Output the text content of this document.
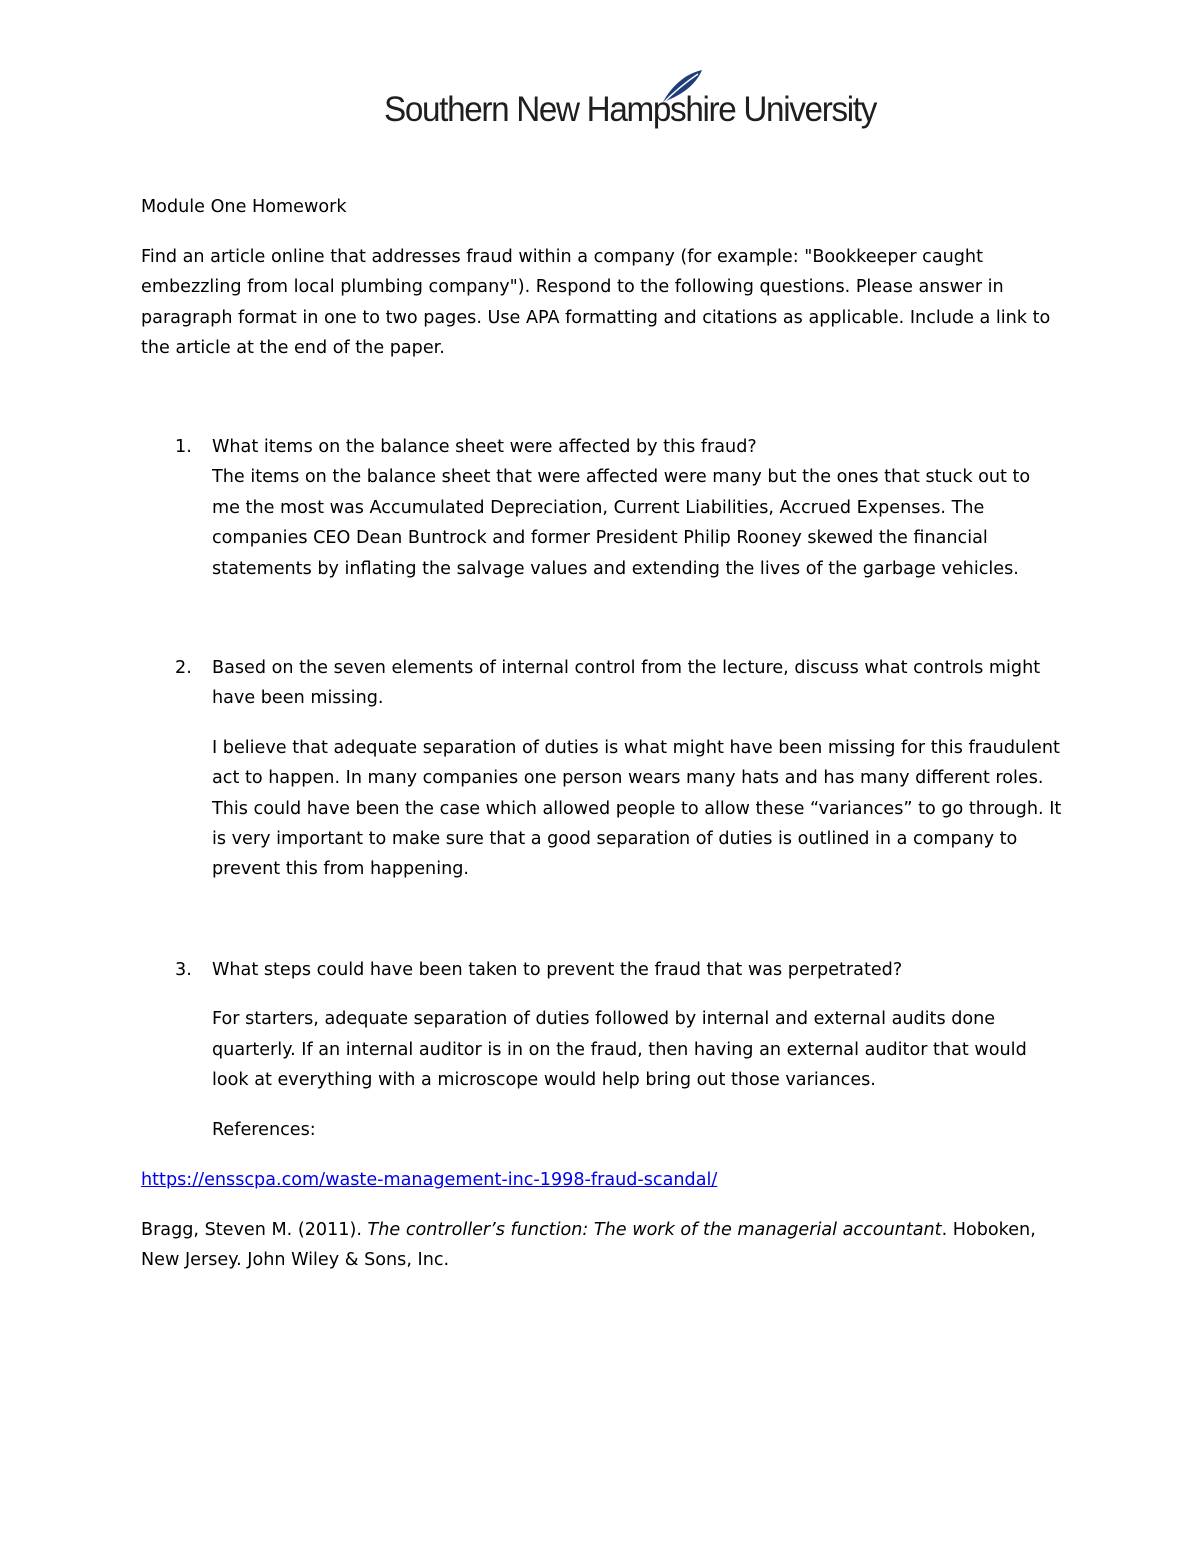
Southern New Hampshire University

Module One Homework

Find an article online that addresses fraud within a company (for example: "Bookkeeper caught embezzling from local plumbing company"). Respond to the following questions. Please answer in paragraph format in one to two pages. Use APA formatting and citations as applicable. Include a link to the article at the end of the paper.

1. What items on the balance sheet were affected by this fraud?

The items on the balance sheet that were affected were many but the ones that stuck out to me the most was Accumulated Depreciation, Current Liabilities, Accrued Expenses. The companies CEO Dean Buntrock and former President Philip Rooney skewed the financial statements by inflating the salvage values and extending the lives of the garbage vehicles.

2. Based on the seven elements of internal control from the lecture, discuss what controls might have been missing.

I believe that adequate separation of duties is what might have been missing for this fraudulent act to happen. In many companies one person wears many hats and has many different roles. This could have been the case which allowed people to allow these “variances” to go through. It is very important to make sure that a good separation of duties is outlined in a company to prevent this from happening.

3. What steps could have been taken to prevent the fraud that was perpetrated?

For starters, adequate separation of duties followed by internal and external audits done quarterly. If an internal auditor is in on the fraud, then having an external auditor that would look at everything with a microscope would help bring out those variances.

References:

https://ensscpa.com/waste-management-inc-1998-fraud-scandal/

Bragg, Steven M. (2011). The controller’s function: The work of the managerial accountant. Hoboken, New Jersey. John Wiley & Sons, Inc.
